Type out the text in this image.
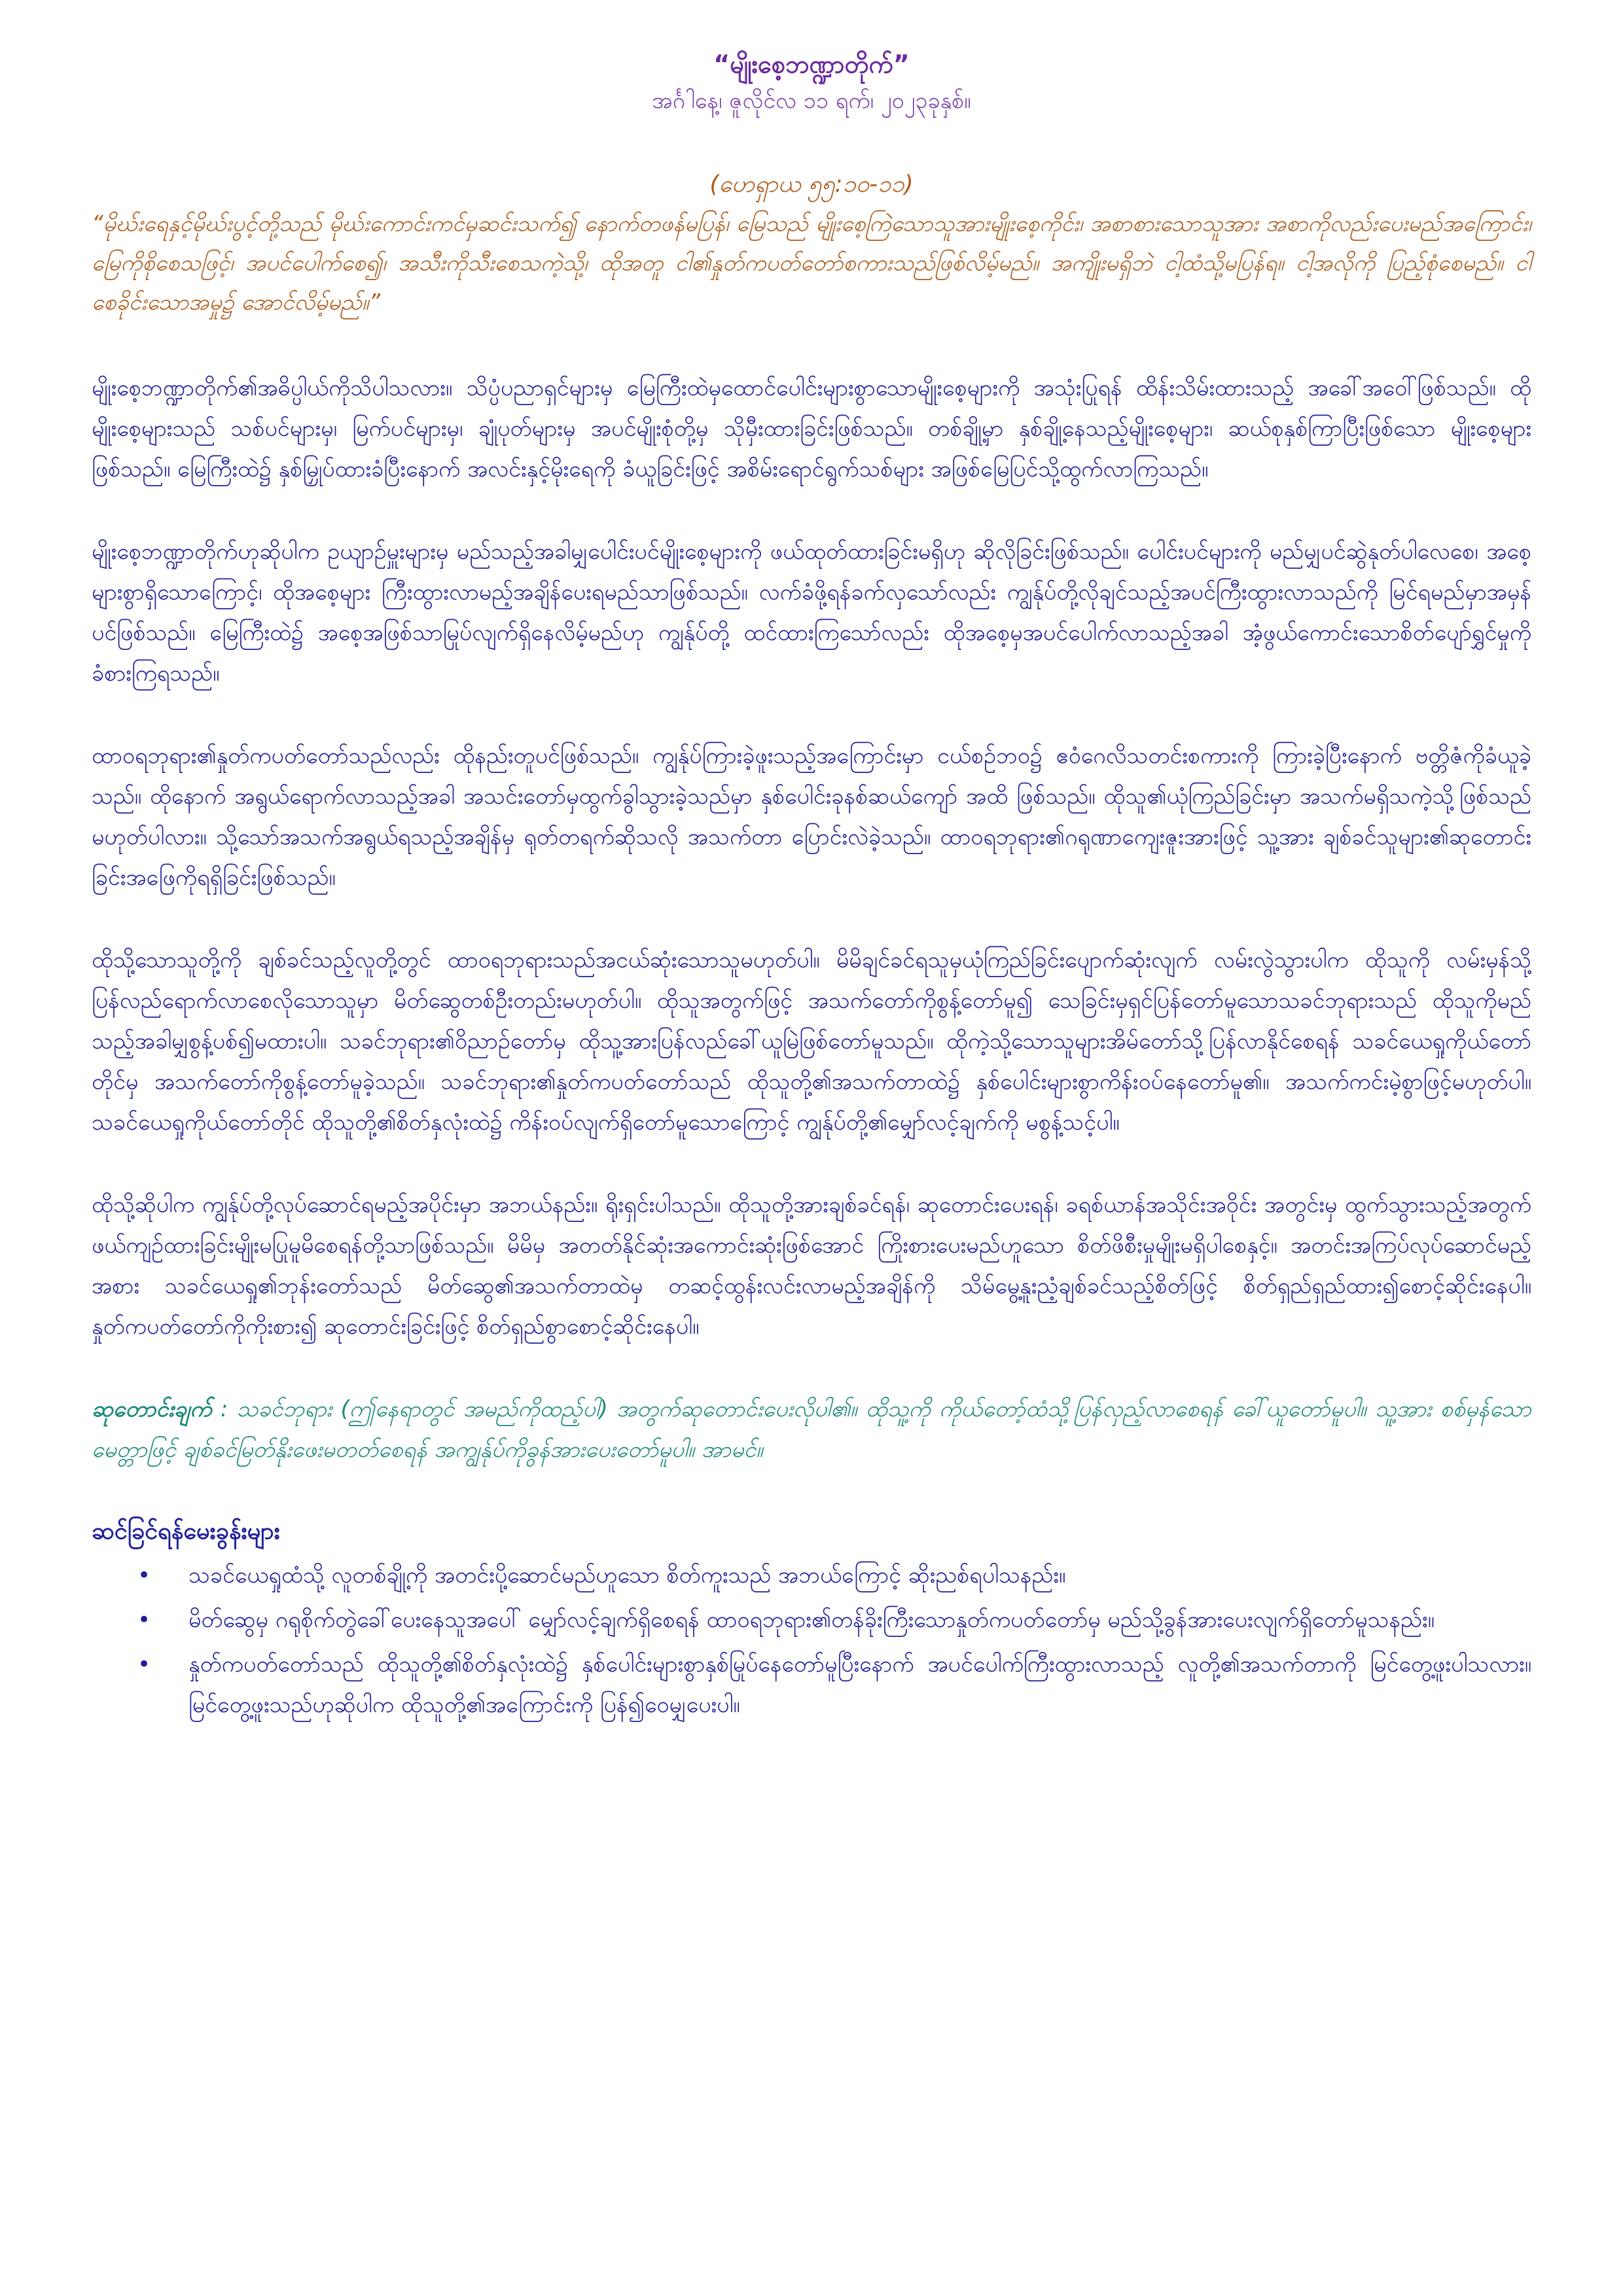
“မျိုးစေ့ဘဏ္ဍာတိုက်”

အင်္ဂါနေ့၊ ဇူလိုင်လ ၁၁ ရက်၊ ၂၀၂၃ခုနှစ်။

(ဟေရှာယ ၅၅:၁၀-၁၁)

“မိုဃ်းရေနှင့်မိုဃ်းပွင့်တို့သည် မိုဃ်းကောင်းကင်မှဆင်းသက်၍ နောက်တဖန်မပြန်၊ မြေသည် မျိုးစေ့ကြဲသောသူအားမျိုးစေ့ကိုင်း၊ အစာစားသောသူအား အစာကိုလည်းပေးမည်အကြောင်း၊ မြေကိုစိုစေသဖြင့်၊ အပင်ပေါက်စေ၍၊ အသီးကိုသီးစေသကဲ့သို့၊ ထိုအတူ ငါ၏နှုတ်ကပတ်တော်စကားသည်ဖြစ်လိမ့်မည်။ အကျိုးမရှိဘဲ ငါ့ထံသို့မပြန်ရ။ ငါ့အလိုကို ပြည့်စုံစေမည်။ ငါစေခိုင်းသောအမှု၌ အောင်လိမ့်မည်။”

မျိုးစေ့ဘဏ္ဍာတိုက်၏အဓိပ္ပါယ်ကိုသိပါသလား။ သိပ္ပံပညာရှင်များမှ မြေကြီးထဲမှထောင်ပေါင်းများစွာသောမျိုးစေ့များကို အသုံးပြုရန် ထိန်းသိမ်းထားသည့် အခေါ်အဝေါ်ဖြစ်သည်။ ထိုမျိုးစေ့များသည် သစ်ပင်များမှ၊ မြက်ပင်များမှ၊ ချုံပုတ်များမှ အပင်မျိုးစုံတို့မှ သိုမှီးထားခြင်းဖြစ်သည်။ တစ်ချို့မှာ နှစ်ချို့နေသည့်မျိုးစေ့များ၊ ဆယ်စုနှစ်ကြာပြီးဖြစ်သော မျိုးစေ့များဖြစ်သည်။ မြေကြီးထဲ၌ နှစ်မြှုပ်ထားခံပြီးနောက် အလင်းနှင့်မိုးရေကို ခံယူခြင်းဖြင့် အစိမ်းရောင်ရွက်သစ်များ အဖြစ်မြေပြင်သို့ထွက်လာကြသည်။

မျိုးစေ့ဘဏ္ဍာတိုက်ဟုဆိုပါက ဥယျာဉ်မှူးများမှ မည်သည့်အခါမျှပေါင်းပင်မျိုးစေ့များကို ဖယ်ထုတ်ထားခြင်းမရှိဟု ဆိုလိုခြင်းဖြစ်သည်။ ပေါင်းပင်များကို မည်မျှပင်ဆွဲနုတ်ပါလေစေ၊ အစေ့များစွာရှိသောကြောင့်၊ ထိုအစေ့များ ကြီးထွားလာမည့်အချိန်ပေးရမည်သာဖြစ်သည်။ လက်ခံဖို့ရန်ခက်လှသော်လည်း ကျွန်ုပ်တို့လိုချင်သည့်အပင်ကြီးထွားလာသည်ကို မြင်ရမည်မှာအမှန်ပင်ဖြစ်သည်။ မြေကြီးထဲ၌ အစေ့အဖြစ်သာမြုပ်လျက်ရှိနေလိမ့်မည်ဟု ကျွန်ုပ်တို့ ထင်ထားကြသော်လည်း ထိုအစေ့မှအပင်ပေါက်လာသည့်အခါ အံ့ဖွယ်ကောင်းသောစိတ်ပျော်ရွှင်မှုကို ခံစားကြရသည်။

ထာဝရဘုရား၏နှုတ်ကပတ်တော်သည်လည်း ထိုနည်းတူပင်ဖြစ်သည်။ ကျွန်ုပ်ကြားခဲ့ဖူးသည့်အကြောင်းမှာ ငယ်စဉ်ဘဝ၌ ဧဝံဂေလိသတင်းစကားကို ကြားခဲ့ပြီးနောက် ဗတ္တိဇံကိုခံယူခဲ့သည်။ ထိုနောက် အရွယ်ရောက်လာသည့်အခါ အသင်းတော်မှထွက်ခွါသွားခဲ့သည်မှာ နှစ်ပေါင်းခုနစ်ဆယ်ကျော် အထိ ဖြစ်သည်။ ထိုသူ၏ယုံကြည်ခြင်းမှာ အသက်မရှိသကဲ့သို့ဖြစ်သည်မဟုတ်ပါလား။ သို့သော်အသက်အရွယ်ရသည့်အချိန်မှ ရုတ်တရက်ဆိုသလို အသက်တာ ပြောင်းလဲခဲ့သည်။ ထာဝရဘုရား၏ဂရုဏာကျေးဇူးအားဖြင့် သူ့အား ချစ်ခင်သူများ၏ဆုတောင်းခြင်းအဖြေကိုရရှိခြင်းဖြစ်သည်။

ထိုသို့သောသူတို့ကို ချစ်ခင်သည့်လူတို့တွင် ထာဝရဘုရားသည်အငယ်ဆုံးသောသူမဟုတ်ပါ။ မိမိချင်ခင်ရသူမှယုံကြည်ခြင်းပျောက်ဆုံးလျက် လမ်းလွဲသွားပါက ထိုသူကို လမ်းမှန်သို့ပြန်လည်ရောက်လာစေလိုသောသူမှာ မိတ်ဆွေတစ်ဦးတည်းမဟုတ်ပါ။ ထိုသူအတွက်ဖြင့် အသက်တော်ကိုစွန့်တော်မူ၍ သေခြင်းမှရှင်ပြန်တော်မူသောသခင်ဘုရားသည် ထိုသူကိုမည်သည့်အခါမျှစွန့်ပစ်၍မထားပါ။ သခင်ဘုရား၏ဝိညာဉ်တော်မှ ထိုသူ့အားပြန်လည်ခေါ်ယူမြဲဖြစ်တော်မူသည်။ ထိုကဲ့သို့သောသူများအိမ်တော်သို့ပြန်လာနိုင်စေရန် သခင်ယေရှုကိုယ်တော်တိုင်မှ အသက်တော်ကိုစွန့်တော်မူခဲ့သည်။ သခင်ဘုရား၏နှုတ်ကပတ်တော်သည် ထိုသူတို့၏အသက်တာထဲ၌ နှစ်ပေါင်းများစွာကိန်းဝပ်နေတော်မူ၏။ အသက်ကင်းမဲ့စွာဖြင့်မဟုတ်ပါ။ သခင်ယေရှုကိုယ်တော်တိုင် ထိုသူတို့၏စိတ်နှလုံးထဲ၌ ကိန်းဝပ်လျက်ရှိတော်မူသောကြောင့် ကျွန်ုပ်တို့၏မျှော်လင့်ချက်ကို မစွန့်သင့်ပါ။

ထိုသို့ဆိုပါက ကျွန်ုပ်တို့လုပ်ဆောင်ရမည့်အပိုင်းမှာ အဘယ်နည်း။ ရိုးရှင်းပါသည်။ ထိုသူတို့အားချစ်ခင်ရန်၊ ဆုတောင်းပေးရန်၊ ခရစ်ယာန်အသိုင်းအဝိုင်း အတွင်းမှ ထွက်သွားသည့်အတွက် ဖယ်ကျဉ်ထားခြင်းမျိုးမပြုမူမိစေရန်တို့သာဖြစ်သည်။ မိမိမှ အတတ်နိုင်ဆုံးအကောင်းဆုံးဖြစ်အောင် ကြိုးစားပေးမည်ဟူသော စိတ်ဖိစီးမှုမျိုးမရှိပါစေနှင့်။ အတင်းအကြပ်လုပ်ဆောင်မည့်အစား သခင်ယေရှု၏ဘုန်းတော်သည် မိတ်ဆွေ၏အသက်တာထဲမှ တဆင့်ထွန်းလင်းလာမည့်အချိန်ကို သိမ်မွေ့နူးညံ့ချစ်ခင်သည့်စိတ်ဖြင့် စိတ်ရှည်ရှည်ထား၍စောင့်ဆိုင်းနေပါ။ နှုတ်ကပတ်တော်ကိုကိုးစား၍ ဆုတောင်းခြင်းဖြင့် စိတ်ရှည်စွာစောင့်ဆိုင်းနေပါ။

ဆုတောင်းချက် : သခင်ဘုရား (ဤနေရာတွင် အမည်ကိုထည့်ပါ) အတွက်ဆုတောင်းပေးလိုပါ၏။ ထိုသူ့ကို ကိုယ်တော့်ထံသို့ပြန်လှည့်လာစေရန် ခေါ်ယူတော်မူပါ။ သူ့အား စစ်မှန်သောမေတ္တာဖြင့် ချစ်ခင်မြတ်နိုးဖေးမတတ်စေရန် အကျွန်ုပ်ကိုခွန်အားပေးတော်မူပါ။ အာမင်။

ဆင်ခြင်ရန်မေးခွန်းများ
• သခင်ယေရှုထံသို့ လူတစ်ချို့ကို အတင်းပို့ဆောင်မည်ဟူသော စိတ်ကူးသည် အဘယ်ကြောင့် ဆိုးညစ်ရပါသနည်း။
• မိတ်ဆွေမှ ဂရုစိုက်တွဲခေါ်ပေးနေသူအပေါ် မျှော်လင့်ချက်ရှိစေရန် ထာဝရဘုရား၏တန်ခိုးကြီးသောနှုတ်ကပတ်တော်မှ မည်သို့ခွန်အားပေးလျက်ရှိတော်မူသနည်း။
• နှုတ်ကပတ်တော်သည် ထိုသူတို့၏စိတ်နှလုံးထဲ၌ နှစ်ပေါင်းများစွာနှစ်မြုပ်နေတော်မူပြီးနောက် အပင်ပေါက်ကြီးထွားလာသည့် လူတို့၏အသက်တာကို မြင်တွေ့ဖူးပါသလား။ မြင်တွေ့ဖူးသည်ဟုဆိုပါက ထိုသူတို့၏အကြောင်းကို ပြန်၍ဝေမျှပေးပါ။
